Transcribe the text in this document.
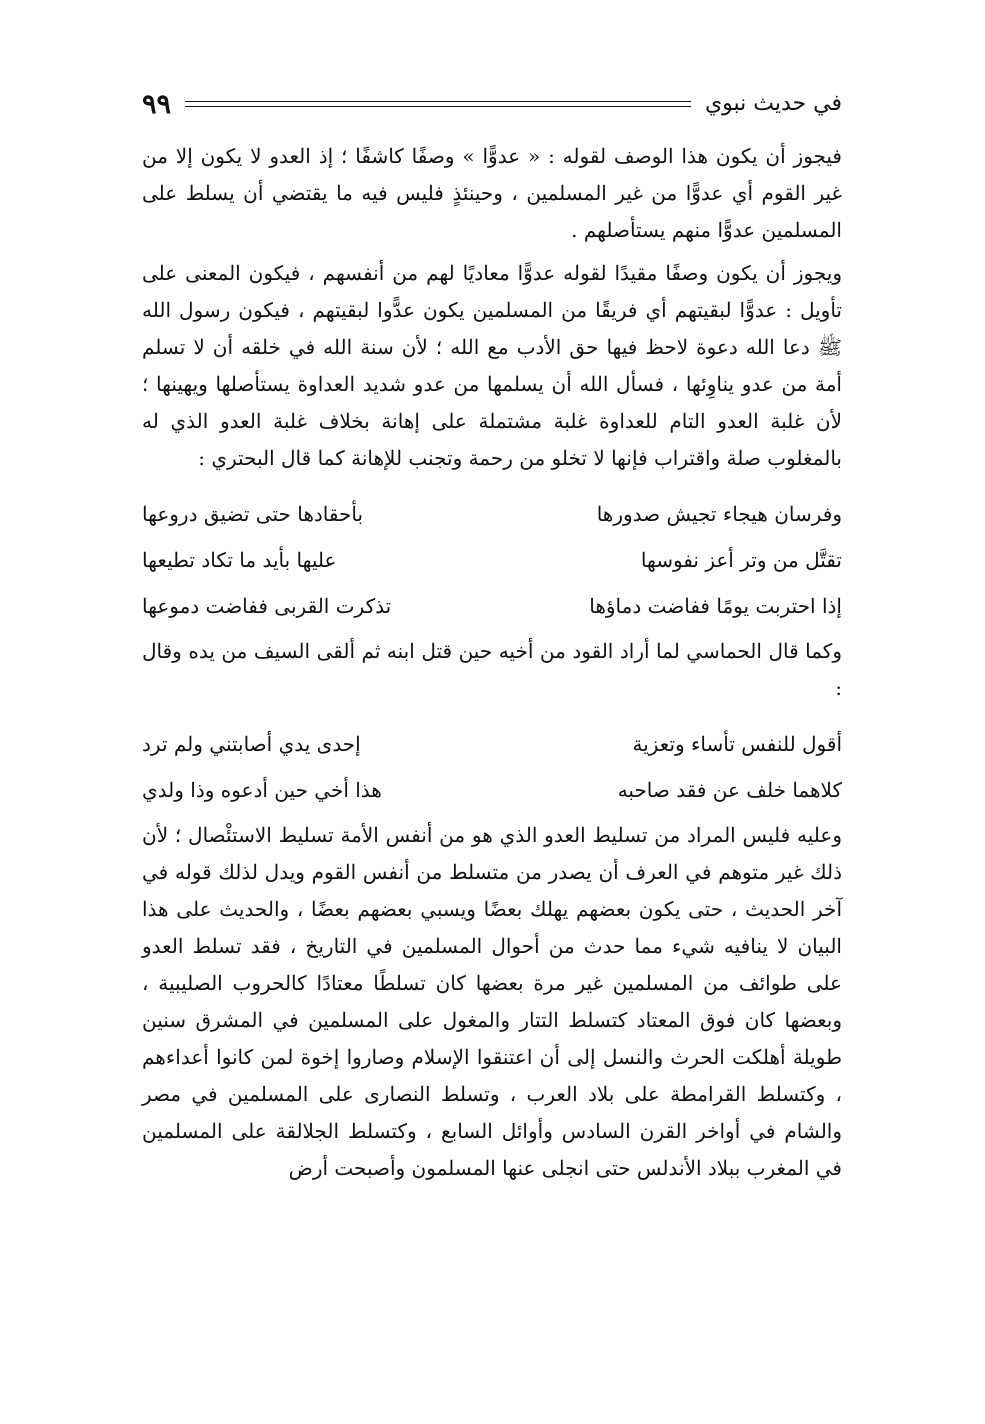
٩٩	في حديث نبوي

فيجوز أن يكون هذا الوصف لقوله : « عدوًّا » وصفًا كاشفًا ؛ إذ العدو لا يكون إلا من غير القوم أي عدوًّا من غير المسلمين ، وحينئذٍ فليس فيه ما يقتضي أن يسلط على المسلمين عدوًّا منهم يستأصلهم .

ويجوز أن يكون وصفًا مقيدًا لقوله عدوًّا معاديًا لهم من أنفسهم ، فيكون المعنى على تأويل : عدوًّا لبقيتهم أي فريقًا من المسلمين يكون عدًّوا لبقيتهم ، فيكون رسول الله ﷺ دعا الله دعوة لاحظ فيها حق الأدب مع الله ؛ لأن سنة الله في خلقه أن لا تسلم أمة من عدو يناوِئها ، فسأل الله أن يسلمها من عدو شديد العداوة يستأصلها ويهينها ؛ لأن غلبة العدو التام للعداوة غلبة مشتملة على إهانة بخلاف غلبة العدو الذي له بالمغلوب صلة واقتراب فإنها لا تخلو من رحمة وتجنب للإهانة كما قال البحتري :

وفرسان هيجاء تجيش صدورها
بأحقادها حتى تضيق دروعها
تقتَّل من وتر أعز نفوسها
عليها بأيد ما تكاد تطيعها
إذا احتربت يومًا ففاضت دماؤها
تذكرت القربى ففاضت دموعها

وكما قال الحماسي لما أراد القود من أخيه حين قتل ابنه ثم ألقى السيف من يده وقال :

أقول للنفس تأساء وتعزية
إحدى يدي أصابتني ولم ترد
كلاهما خلف عن فقد صاحبه
هذا أخي حين أدعوه وذا ولدي

وعليه فليس المراد من تسليط العدو الذي هو من أنفس الأمة تسليط الاستئْصال ؛ لأن ذلك غير متوهم في العرف أن يصدر من متسلط من أنفس القوم ويدل لذلك قوله في آخر الحديث ، حتى يكون بعضهم يهلك بعضًا ويسبي بعضهم بعضًا ، والحديث على هذا البيان لا ينافيه شيء مما حدث من أحوال المسلمين في التاريخ ، فقد تسلط العدو على طوائف من المسلمين غير مرة بعضها كان تسلطًا معتادًا كالحروب الصليبية ، وبعضها كان فوق المعتاد كتسلط التتار والمغول على المسلمين في المشرق سنين طويلة أهلكت الحرث والنسل إلى أن اعتنقوا الإسلام وصاروا إخوة لمن كانوا أعداءهم ، وكتسلط القرامطة على بلاد العرب ، وتسلط النصارى على المسلمين في مصر والشام في أواخر القرن السادس وأوائل السابع ، وكتسلط الجلالقة على المسلمين في المغرب ببلاد الأندلس حتى انجلى عنها المسلمون وأصبحت أرض
